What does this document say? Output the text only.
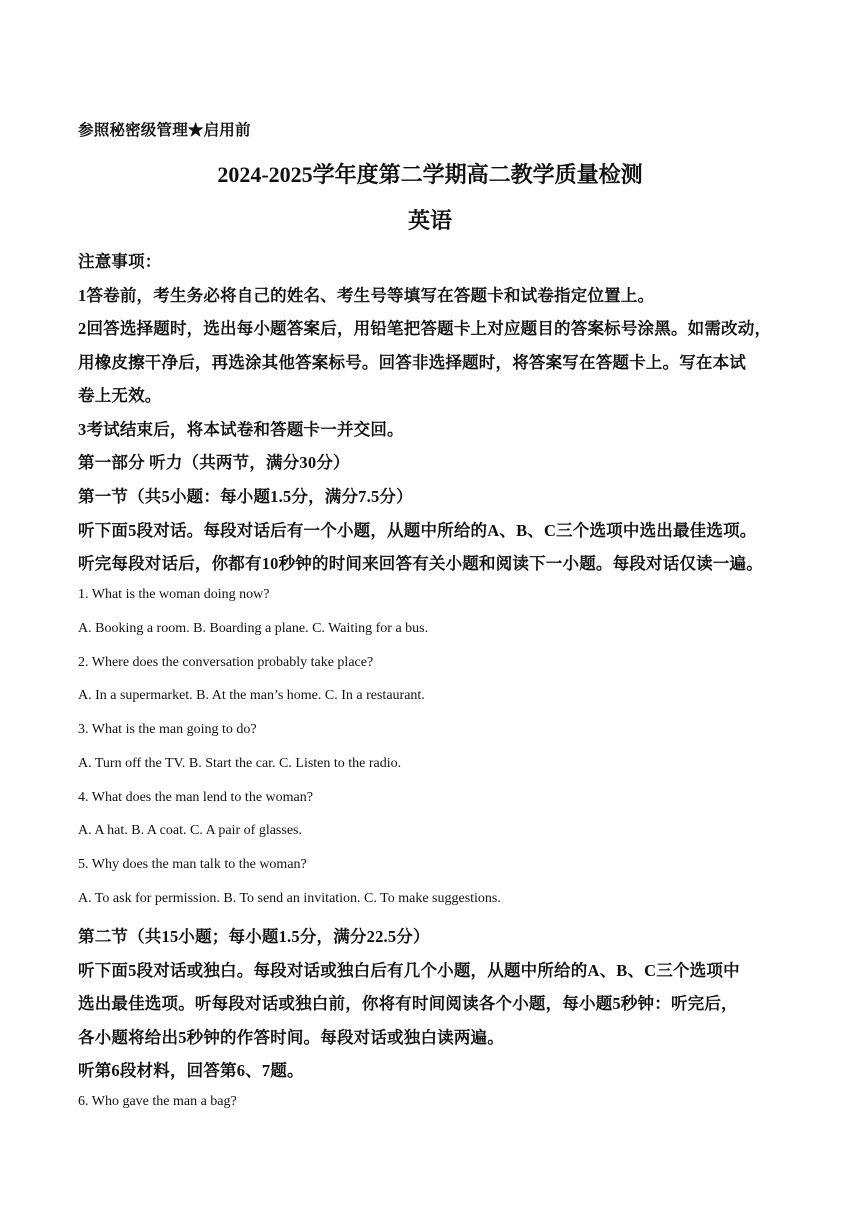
参照秘密级管理★启用前
2024-2025学年度第二学期高二教学质量检测
英语
注意事项：
1答卷前，考生务必将自己的姓名、考生号等填写在答题卡和试卷指定位置上。
2回答选择题时，选出每小题答案后，用铅笔把答题卡上对应题目的答案标号涂黑。如需改动，
用橡皮擦干净后，再选涂其他答案标号。回答非选择题时，将答案写在答题卡上。写在本试
卷上无效。
3考试结束后，将本试卷和答题卡一并交回。
第一部分 听力（共两节，满分30分）
第一节（共5小题：每小题1.5分，满分7.5分）
听下面5段对话。每段对话后有一个小题，从题中所给的A、B、C三个选项中选出最佳选项。
听完每段对话后，你都有10秒钟的时间来回答有关小题和阅读下一小题。每段对话仅读一遍。
1. What is the woman doing now?
A. Booking a room. B. Boarding a plane. C. Waiting for a bus.
2. Where does the conversation probably take place?
A. In a supermarket. B. At the man’s home. C. In a restaurant.
3. What is the man going to do?
A. Turn off the TV. B. Start the car. C. Listen to the radio.
4. What does the man lend to the woman?
A. A hat. B. A coat. C. A pair of glasses.
5. Why does the man talk to the woman?
A. To ask for permission. B. To send an invitation. C. To make suggestions.
第二节（共15小题；每小题1.5分，满分22.5分）
听下面5段对话或独白。每段对话或独白后有几个小题，从题中所给的A、B、C三个选项中
选出最佳选项。听每段对话或独白前，你将有时间阅读各个小题，每小题5秒钟：听完后，
各小题将给出5秒钟的作答时间。每段对话或独白读两遍。
听第6段材料，回答第6、7题。
6. Who gave the man a bag?
